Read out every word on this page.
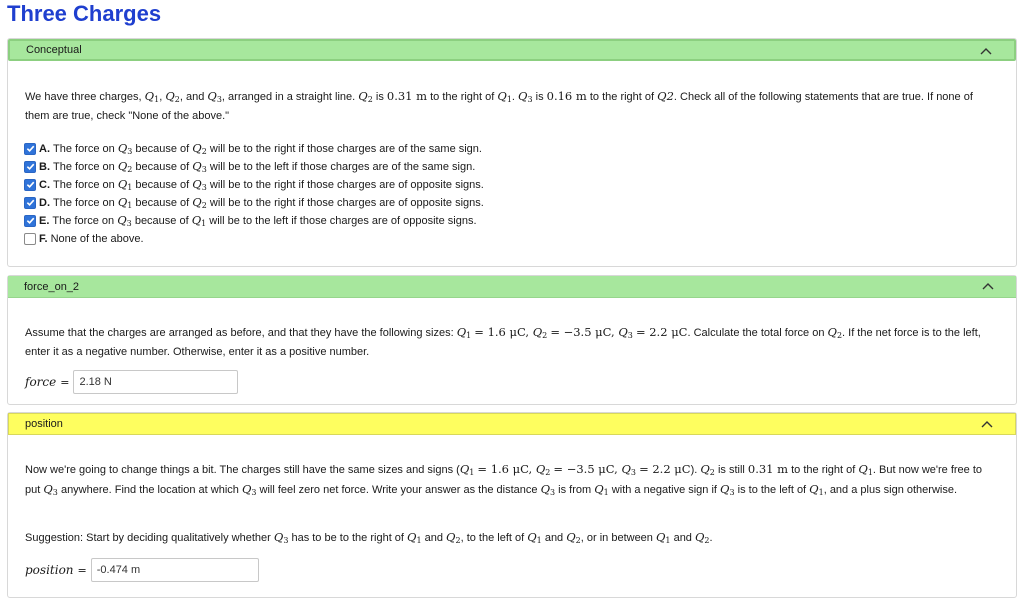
Three Charges
Conceptual
We have three charges, $Q_1$, $Q_2$, and $Q_3$, arranged in a straight line. $Q_2$ is 0.31 m to the right of $Q_1$. $Q_3$ is 0.16 m to the right of Q2. Check all of the following statements that are true. If none of them are true, check "None of the above."
A. The force on $Q_3$ because of $Q_2$ will be to the right if those charges are of the same sign.
B. The force on $Q_2$ because of $Q_3$ will be to the left if those charges are of the same sign.
C. The force on $Q_1$ because of $Q_3$ will be to the right if those charges are of opposite signs.
D. The force on $Q_1$ because of $Q_2$ will be to the right if those charges are of opposite signs.
E. The force on $Q_3$ because of $Q_1$ will be to the left if those charges are of opposite signs.
F. None of the above.
force_on_2
Assume that the charges are arranged as before, and that they have the following sizes: $Q_1 = 1.6$ μC, $Q_2 = -3.5$ μC, $Q_3 = 2.2$ μC. Calculate the total force on $Q_2$. If the net force is to the left, enter it as a negative number. Otherwise, enter it as a positive number.
force =
2.18 N
position
Now we're going to change things a bit. The charges still have the same sizes and signs ($Q_1 = 1.6$ μC, $Q_2 = -3.5$ μC, $Q_3 = 2.2$ μC). $Q_2$ is still 0.31 m to the right of $Q_1$. But now we're free to put $Q_3$ anywhere. Find the location at which $Q_3$ will feel zero net force. Write your answer as the distance $Q_3$ is from $Q_1$ with a negative sign if $Q_3$ is to the left of $Q_1$, and a plus sign otherwise.
Suggestion: Start by deciding qualitatively whether $Q_3$ has to be to the right of $Q_1$ and $Q_2$, to the left of $Q_1$ and $Q_2$, or in between $Q_1$ and $Q_2$.
position =
-0.474 m
